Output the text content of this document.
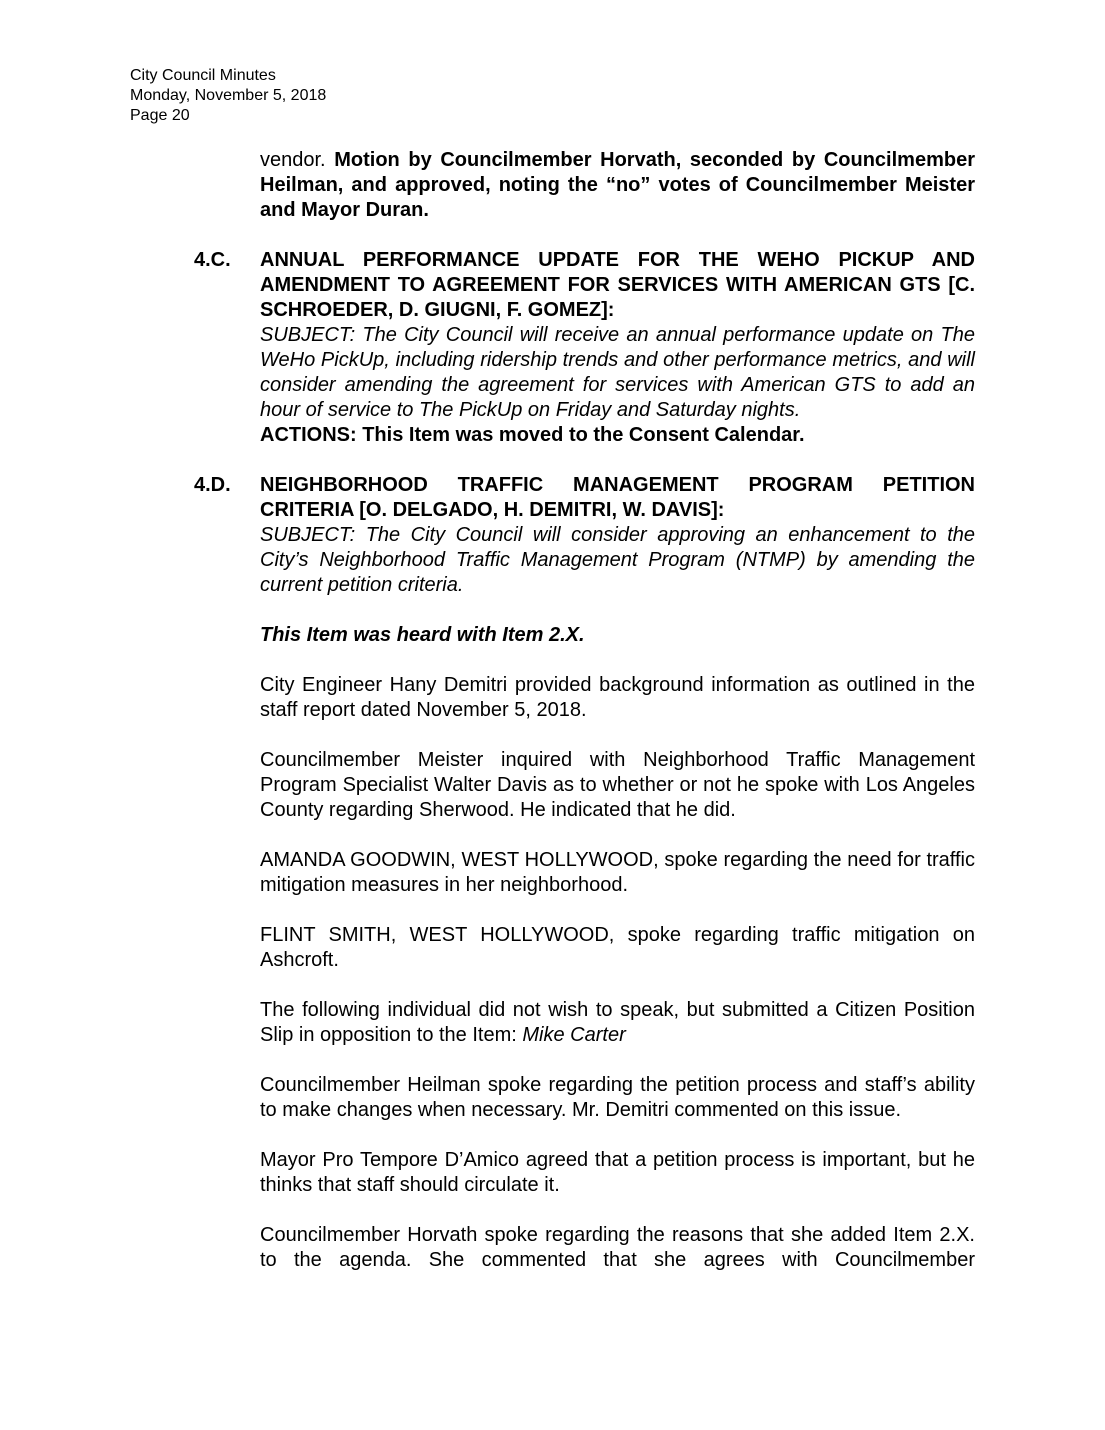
City Council Minutes
Monday, November 5, 2018
Page 20

vendor. Motion by Councilmember Horvath, seconded by Councilmember Heilman, and approved, noting the “no” votes of Councilmember Meister and Mayor Duran.

4.C. ANNUAL PERFORMANCE UPDATE FOR THE WEHO PICKUP AND AMENDMENT TO AGREEMENT FOR SERVICES WITH AMERICAN GTS [C. SCHROEDER, D. GIUGNI, F. GOMEZ]:

SUBJECT: The City Council will receive an annual performance update on The WeHo PickUp, including ridership trends and other performance metrics, and will consider amending the agreement for services with American GTS to add an hour of service to The PickUp on Friday and Saturday nights.

ACTIONS: This Item was moved to the Consent Calendar.

4.D. NEIGHBORHOOD TRAFFIC MANAGEMENT PROGRAM PETITION CRITERIA [O. DELGADO, H. DEMITRI, W. DAVIS]:

SUBJECT: The City Council will consider approving an enhancement to the City’s Neighborhood Traffic Management Program (NTMP) by amending the current petition criteria.

This Item was heard with Item 2.X.

City Engineer Hany Demitri provided background information as outlined in the staff report dated November 5, 2018.

Councilmember Meister inquired with Neighborhood Traffic Management Program Specialist Walter Davis as to whether or not he spoke with Los Angeles County regarding Sherwood. He indicated that he did.

AMANDA GOODWIN, WEST HOLLYWOOD, spoke regarding the need for traffic mitigation measures in her neighborhood.

FLINT SMITH, WEST HOLLYWOOD, spoke regarding traffic mitigation on Ashcroft.

The following individual did not wish to speak, but submitted a Citizen Position Slip in opposition to the Item: Mike Carter

Councilmember Heilman spoke regarding the petition process and staff’s ability to make changes when necessary. Mr. Demitri commented on this issue.

Mayor Pro Tempore D’Amico agreed that a petition process is important, but he thinks that staff should circulate it.

Councilmember Horvath spoke regarding the reasons that she added Item 2.X. to the agenda. She commented that she agrees with Councilmember
